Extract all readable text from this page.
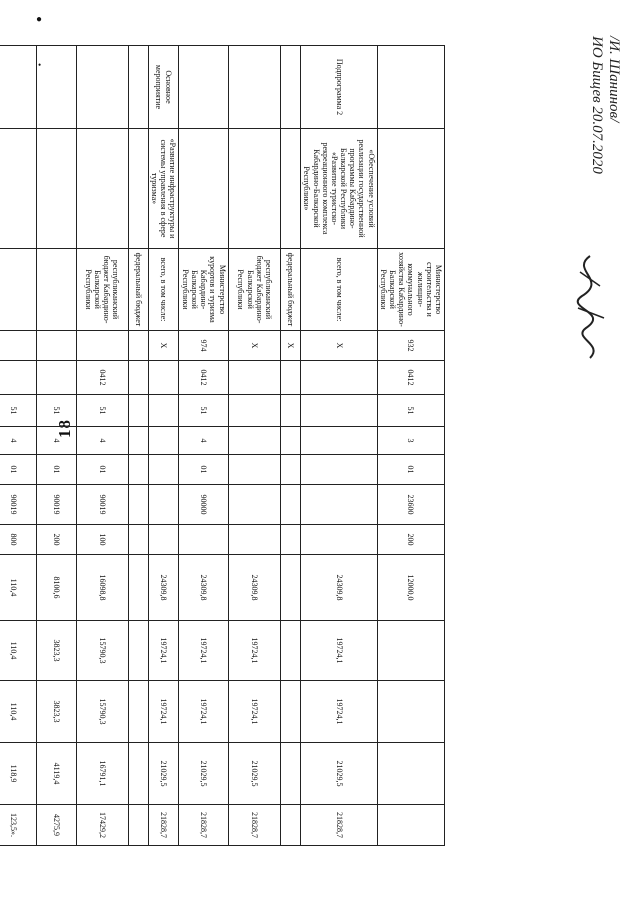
18
●
•
		Министерство строительства и жилищно-коммунального хозяйства Кабардино-Балкарской Республики	932	0412	51	3	01	23600	200	12000,0				
Подпрограмма 2	«Обеспечение условий реализации государственной программы Кабардино-Балкарской Республики «Развитие туристско-рекреационного комплекса Кабардино-Балкарской Республики»	всего, в том числе:	Х							24309,8	19724,1	19724,1	21029,5	21828,7
		федеральный бюджет	Х											
		республиканский бюджет Кабардино-Балкарской Республики	Х							24309,8	19724,1	19724,1	21029,5	21828,7
		Министерство курортов и туризма Кабардино-Балкарской Республики	974	0412	51	4	01	90000		24309,8	19724,1	19724,1	21029,5	21828,7
Основное мероприятие	«Развитие инфраструктуры и системы управления в сфере туризма»	всего, в том числе:	Х							24309,8	19724,1	19724,1	21029,5	21828,7
		федеральный бюджет												
		республиканский бюджет Кабардино-Балкарской Республики		0412	51	4	01	90019	100	16098,8	15790,3	15790,3	16791,1	17429,2
					51	4	01	90019	200	8100,6	3823,3	3823,3	4119,4	4275,9
					51	4	01	90019	800	110,4	110,4	110,4	118,9	123,5».
/И. Шанинов/
ИО Бищев 20.07.2020
